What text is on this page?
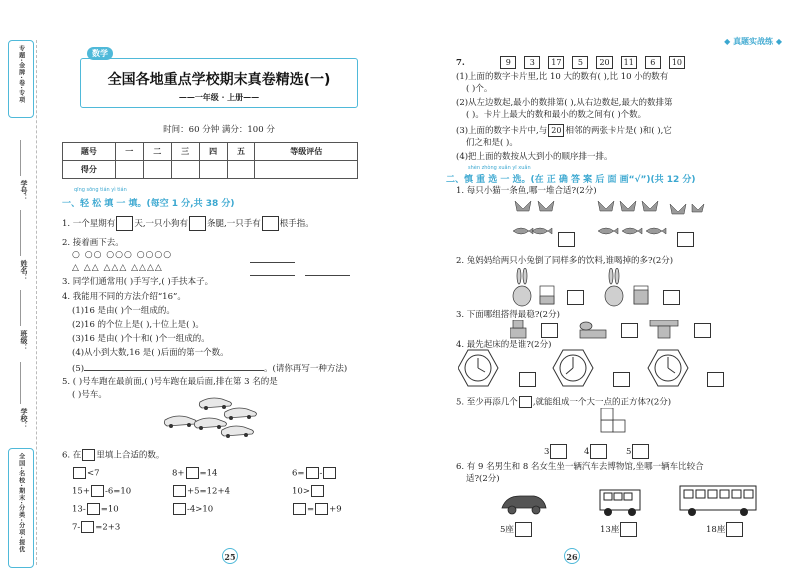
专题·金牌·卷·专项
学号：
姓名：
班级：
学校：
全国·名校·期末·分类·分项·提优
数学
全国各地重点学校期末真卷精选(一)
——一年级 · 上册——
时间：60 分钟 满分：100 分
题号	一	二	三	四	五	等级评估
得分						
qīng sōng tián yì tián
一、轻 松 填 一 填。(每空 1 分,共 38 分)
1. 一个星期有 天,一只小狗有 条腿,一只手有 根手指。
2. 接着画下去。
○ ○○ ○○○ ○○○○
△ △△ △△△ △△△△
3. 同学们通常用( )手写字,( )手扶本子。
4. 我能用不同的方法介绍“16”。
(1)16 是由( )个一组成的。
(2)16 的个位上是( ),十位上是( )。
(3)16 是由( )个十和( )个一组成的。
(4)从小到大数,16 是( )后面的第一个数。
(5)	。(请你再写一种方法)
5. ( )号车跑在最前面,( )号车跑在最后面,排在第 3 名的是
( )号车。
6. 在 里填上合适的数。
<7	8+ =14	6= -
15+ -6=10	+5=12+4	10>
13- =10	-4>10	= +9
7- =2+3
25
◆ 真题实战练 ◆
7.	9 3 17 5 20 11 6 10
(1)上面的数字卡片里,比 10 大的数有( ),比 10 小的数有
( )个。
(2)从左边数起,最小的数排第( ),从右边数起,最大的数排第
( )。卡片上最大的数和最小的数之间有( )个数。
(3)上面的数字卡片中,与 20 相邻的两张卡片是( )和( ),它
们之和是( )。
(4)把上面的数按从大到小的顺序排一排。
shèn zhòng xuǎn yī xuǎn
二、慎 重 选 一 选。(在 正 确 答 案 后 面 画“√”)(共 12 分)
1. 每只小猫一条鱼,哪一堆合适?(2分)
2. 兔妈妈给两只小兔倒了同样多的饮料,谁喝掉的多?(2分)
3. 下面哪组搭得最稳?(2分)
4. 最先起床的是谁?(2分)
5. 至少再添几个 ,就能组成一个大一点的正方体?(2分)
3	4	5
6. 有 9 名男生和 8 名女生坐一辆汽车去博物馆,坐哪一辆车比较合
适?(2分)
5座	13座	18座
26
